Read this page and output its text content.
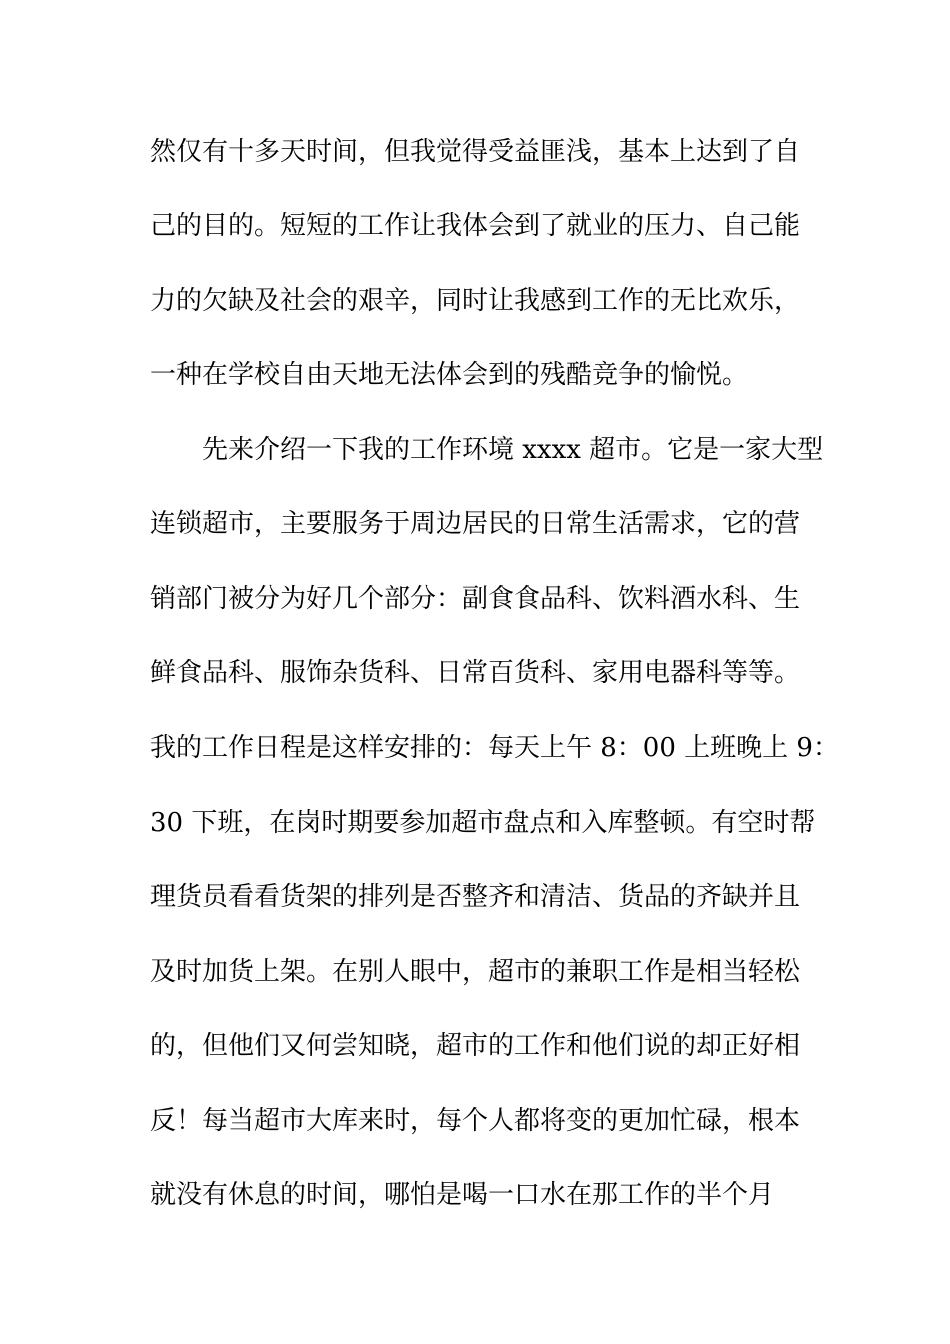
然仅有十多天时间，但我觉得受益匪浅，基本上达到了自

己的目的。短短的工作让我体会到了就业的压力、自己能

力的欠缺及社会的艰辛，同时让我感到工作的无比欢乐，

一种在学校自由天地无法体会到的残酷竞争的愉悦。

先来介绍一下我的工作环境 xxxx 超市。它是一家大型

连锁超市，主要服务于周边居民的日常生活需求，它的营

销部门被分为好几个部分：副食食品科、饮料酒水科、生

鲜食品科、服饰杂货科、日常百货科、家用电器科等等。

我的工作日程是这样安排的：每天上午 8：00 上班晚上 9：

30 下班，在岗时期要参加超市盘点和入库整顿。有空时帮

理货员看看货架的排列是否整齐和清洁、货品的齐缺并且

及时加货上架。在别人眼中，超市的兼职工作是相当轻松

的，但他们又何尝知晓，超市的工作和他们说的却正好相

反！每当超市大库来时，每个人都将变的更加忙碌，根本

就没有休息的时间，哪怕是喝一口水在那工作的半个月
